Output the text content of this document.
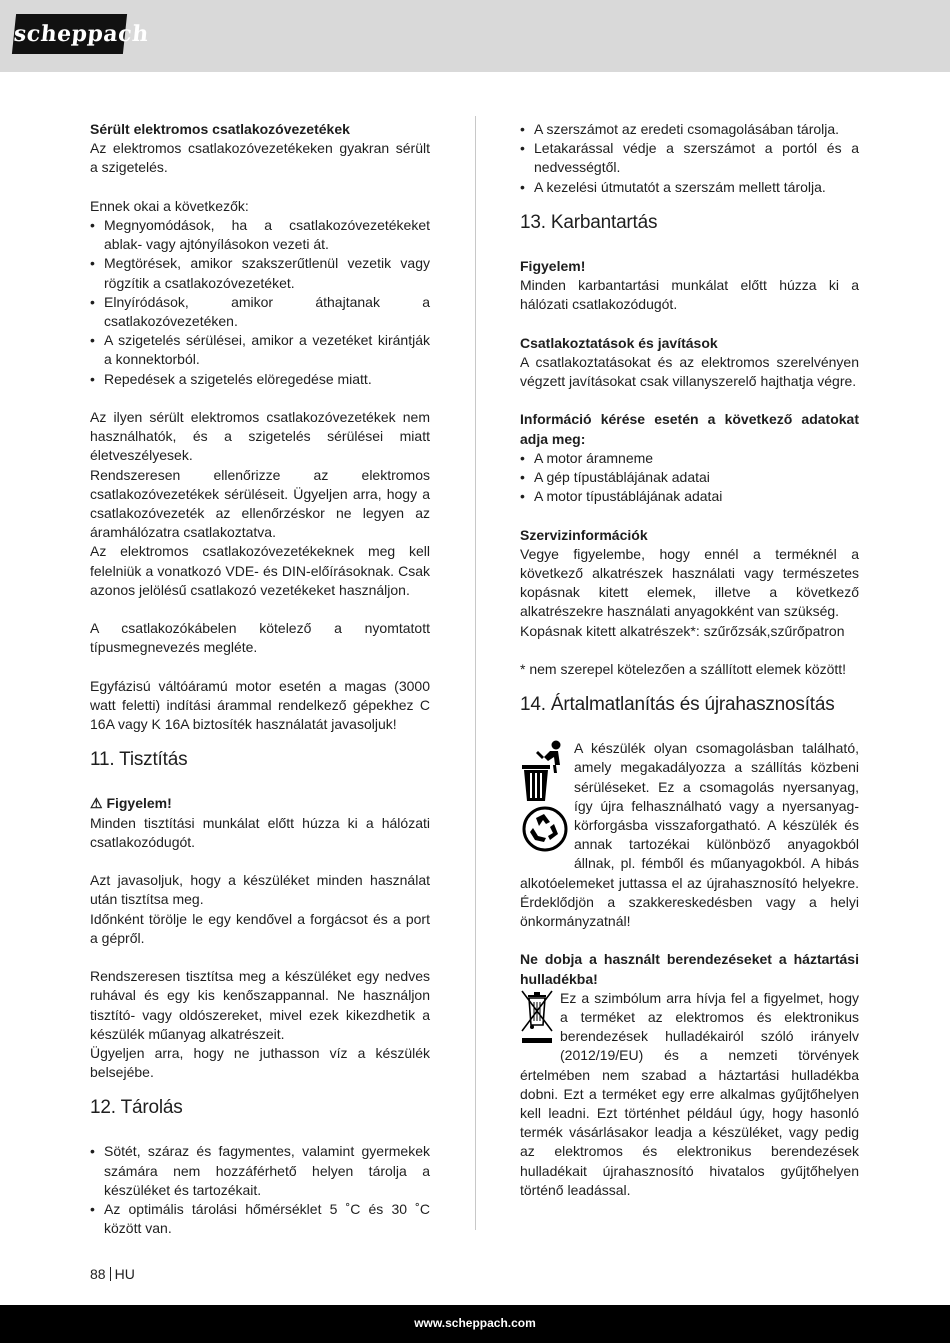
scheppach

Sérült elektromos csatlakozóvezetékek

Az elektromos csatlakozóvezetékeken gyakran sérült a szigetelés.

Ennek okai a következők:

• Megnyomódások, ha a csatlakozóvezetékeket ablak- vagy ajtónyílásokon vezeti át.
• Megtörések, amikor szakszerűtlenül vezetik vagy rögzítik a csatlakozóvezetéket.
• Elnyíródások, amikor áthajtanak a csatlakozóvezetéken.
• A szigetelés sérülései, amikor a vezetéket kirántják a konnektorból.
• Repedések a szigetelés elöregedése miatt.

Az ilyen sérült elektromos csatlakozóvezetékek nem használhatók, és a szigetelés sérülései miatt életveszélyesek.

Rendszeresen ellenőrizze az elektromos csatlakozóvezetékek sérüléseit. Ügyeljen arra, hogy a csatlakozóvezeték az ellenőrzéskor ne legyen az áramhálózatra csatlakoztatva.

Az elektromos csatlakozóvezetékeknek meg kell felelniük a vonatkozó VDE- és DIN-előírásoknak. Csak azonos jelölésű csatlakozó vezetékeket használjon.

A csatlakozókábelen kötelező a nyomtatott típusmegnevezés megléte.

Egyfázisú váltóáramú motor esetén a magas (3000 watt feletti) indítási árammal rendelkező gépekhez C 16A vagy K 16A biztosíték használatát javasoljuk!

11. Tisztítás

⚠ Figyelem!

Minden tisztítási munkálat előtt húzza ki a hálózati csatlakozódugót.

Azt javasoljuk, hogy a készüléket minden használat után tisztítsa meg.

Időnként törölje le egy kendővel a forgácsot és a port a gépről.

Rendszeresen tisztítsa meg a készüléket egy nedves ruhával és egy kis kenőszappannal. Ne használjon tisztító- vagy oldószereket, mivel ezek kikezdhetik a készülék műanyag alkatrészeit.

Ügyeljen arra, hogy ne juthasson víz a készülék belsejébe.

12. Tárolás
• Sötét, száraz és fagymentes, valamint gyermekek számára nem hozzáférhető helyen tárolja a készüléket és tartozékait.
• Az optimális tárolási hőmérséklet 5 ˚C és 30 ˚C között van.
• A szerszámot az eredeti csomagolásában tárolja.
• Letakarással védje a szerszámot a portól és a nedvességtől.
• A kezelési útmutatót a szerszám mellett tárolja.
13. Karbantartás

Figyelem!

Minden karbantartási munkálat előtt húzza ki a hálózati csatlakozódugót.

Csatlakoztatások és javítások

A csatlakoztatásokat és az elektromos szerelvényen végzett javításokat csak villanyszerelő hajthatja végre.

Információ kérése esetén a következő adatokat adja meg:

• A motor áramneme
• A gép típustáblájának adatai
• A motor típustáblájának adatai

Szervizinformációk

Vegye figyelembe, hogy ennél a terméknél a következő alkatrészek használati vagy természetes kopásnak kitett elemek, illetve a következő alkatrészekre használati anyagokként van szükség.

Kopásnak kitett alkatrészek*: szűrőzsák,szűrőpatron

* nem szerepel kötelezően a szállított elemek között!

14. Ártalmatlanítás és újrahasznosítás

A készülék olyan csomagolásban található, amely megakadályozza a szállítás közbeni sérüléseket. Ez a csomagolás nyersanyag, így újra felhasználható vagy a nyersanyag-körforgásba visszaforgatható. A készülék és annak tartozékai különböző anyagokból állnak, pl. fémből és műanyagokból. A hibás alkotóelemeket juttassa el az újrahasznosító helyekre. Érdeklődjön a szakkereskedésben vagy a helyi önkormányzatnál!

Ne dobja a használt berendezéseket a háztartási hulladékba!

Ez a szimbólum arra hívja fel a figyelmet, hogy a terméket az elektromos és elektronikus berendezések hulladékairól szóló irányelv (2012/19/EU) és a nemzeti törvények értelmében nem szabad a háztartási hulladékba dobni. Ezt a terméket egy erre alkalmas gyűjtőhelyen kell leadni. Ezt történhet például úgy, hogy hasonló termék vásárlásakor leadja a készüléket, vagy pedig az elektromos és elektronikus berendezések hulladékait újrahasznosító hivatalos gyűjtőhelyen történő leadással.

88 HU
www.scheppach.com
